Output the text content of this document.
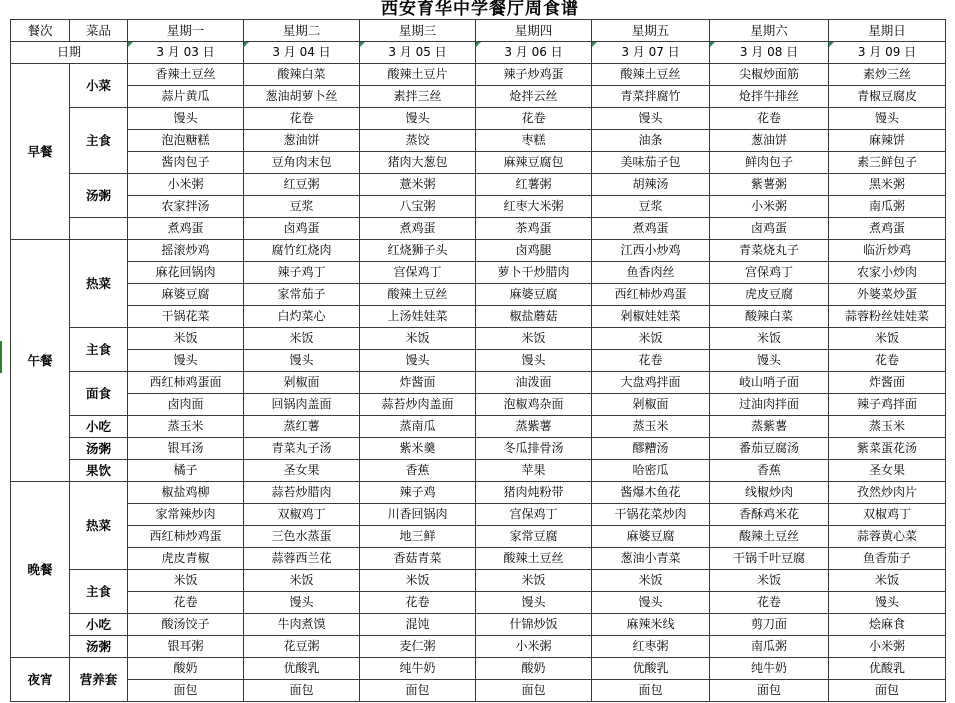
西安育华中学餐厅周食谱
餐次	菜品	星期一	星期二	星期三	星期四	星期五	星期六	星期日
日期		3 月 03 日	3 月 04 日	3 月 05 日	3 月 06 日	3 月 07 日	3 月 08 日	3 月 09 日
早餐	小菜	香辣土豆丝	酸辣白菜	酸辣土豆片	辣子炒鸡蛋	酸辣土豆丝	尖椒炒面筋	素炒三丝
		蒜片黄瓜	葱油胡萝卜丝	素拌三丝	炝拌云丝	青菜拌腐竹	炝拌牛排丝	青椒豆腐皮
	主食	馒头	花卷	馒头	花卷	馒头	花卷	馒头
		泡泡糖糕	葱油饼	蒸饺	枣糕	油条	葱油饼	麻辣饼
		酱肉包子	豆角肉末包	猪肉大葱包	麻辣豆腐包	美味茄子包	鲜肉包子	素三鲜包子
	汤粥	小米粥	红豆粥	薏米粥	红薯粥	胡辣汤	紫薯粥	黑米粥
		农家拌汤	豆浆	八宝粥	红枣大米粥	豆浆	小米粥	南瓜粥
		煮鸡蛋	卤鸡蛋	煮鸡蛋	茶鸡蛋	煮鸡蛋	卤鸡蛋	煮鸡蛋
午餐	热菜	摇滚炒鸡	腐竹红烧肉	红烧狮子头	卤鸡腿	江西小炒鸡	青菜烧丸子	临沂炒鸡
		麻花回锅肉	辣子鸡丁	宫保鸡丁	萝卜干炒腊肉	鱼香肉丝	宫保鸡丁	农家小炒肉
		麻婆豆腐	家常茄子	酸辣土豆丝	麻婆豆腐	西红柿炒鸡蛋	虎皮豆腐	外婆菜炒蛋
		干锅花菜	白灼菜心	上汤娃娃菜	椒盐蘑菇	剁椒娃娃菜	酸辣白菜	蒜蓉粉丝娃娃菜
	主食	米饭	米饭	米饭	米饭	米饭	米饭	米饭
		馒头	馒头	馒头	馒头	花卷	馒头	花卷
	面食	西红柿鸡蛋面	剁椒面	炸酱面	油泼面	大盘鸡拌面	岐山哨子面	炸酱面
		卤肉面	回锅肉盖面	蒜苔炒肉盖面	泡椒鸡杂面	剁椒面	过油肉拌面	辣子鸡拌面
	小吃	蒸玉米	蒸红薯	蒸南瓜	蒸紫薯	蒸玉米	蒸紫薯	蒸玉米
	汤粥	银耳汤	青菜丸子汤	紫米羹	冬瓜排骨汤	醪糟汤	番茄豆腐汤	紫菜蛋花汤
	果饮	橘子	圣女果	香蕉	苹果	哈密瓜	香蕉	圣女果
晚餐	热菜	椒盐鸡柳	蒜苔炒腊肉	辣子鸡	猪肉炖粉带	酱爆木鱼花	线椒炒肉	孜然炒肉片
		家常辣炒肉	双椒鸡丁	川香回锅肉	宫保鸡丁	干锅花菜炒肉	香酥鸡米花	双椒鸡丁
		西红柿炒鸡蛋	三色水蒸蛋	地三鲜	家常豆腐	麻婆豆腐	酸辣土豆丝	蒜蓉黄心菜
		虎皮青椒	蒜蓉西兰花	香菇青菜	酸辣土豆丝	葱油小青菜	干锅千叶豆腐	鱼香茄子
	主食	米饭	米饭	米饭	米饭	米饭	米饭	米饭
		花卷	馒头	花卷	馒头	馒头	花卷	馒头
	小吃	酸汤饺子	牛肉煮馍	混饨	什锦炒饭	麻辣米线	剪刀面	烩麻食
	汤粥	银耳粥	花豆粥	麦仁粥	小米粥	红枣粥	南瓜粥	小米粥
夜宵	营养套	酸奶	优酸乳	纯牛奶	酸奶	优酸乳	纯牛奶	优酸乳
		面包	面包	面包	面包	面包	面包	面包
